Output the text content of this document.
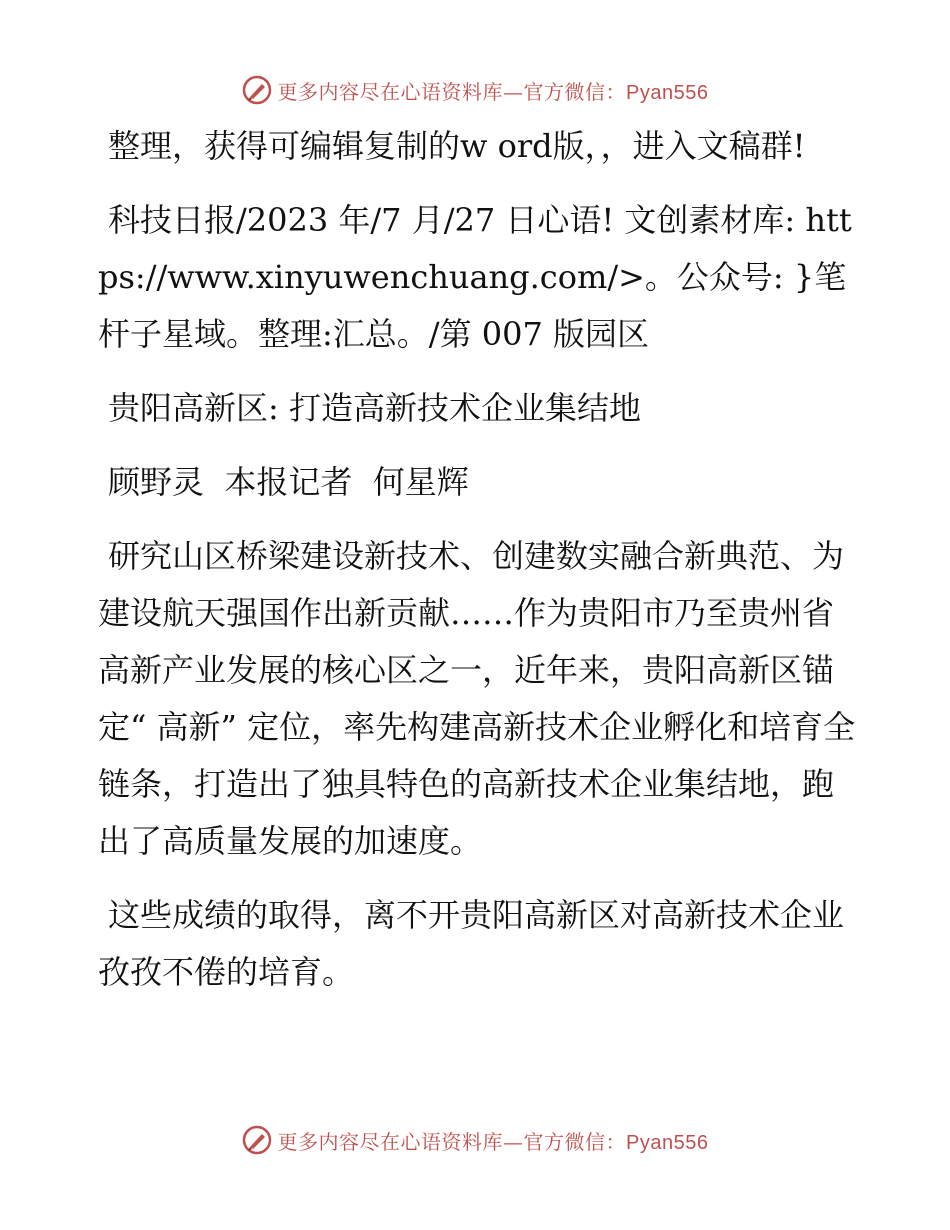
更多内容尽在心语资料库—官方微信：Pyan556

整理，获得可编辑复制的w ord版，，进入文稿群!

科技日报/2023 年/7 月/27 日心语! 文创素材库: https://www.xinyuwenchuang.com/>。公众号: }笔杆子星域。整理:汇总。/第 007 版园区

贵阳高新区: 打造高新技术企业集结地

顾野灵  本报记者  何星辉

研究山区桥梁建设新技术、创建数实融合新典范、为建设航天强国作出新贡献……作为贵阳市乃至贵州省高新产业发展的核心区之一，近年来，贵阳高新区锚定“ 高新” 定位，率先构建高新技术企业孵化和培育全链条，打造出了独具特色的高新技术企业集结地，跑出了高质量发展的加速度。

这些成绩的取得，离不开贵阳高新区对高新技术企业孜孜不倦的培育。

更多内容尽在心语资料库—官方微信：Pyan556
